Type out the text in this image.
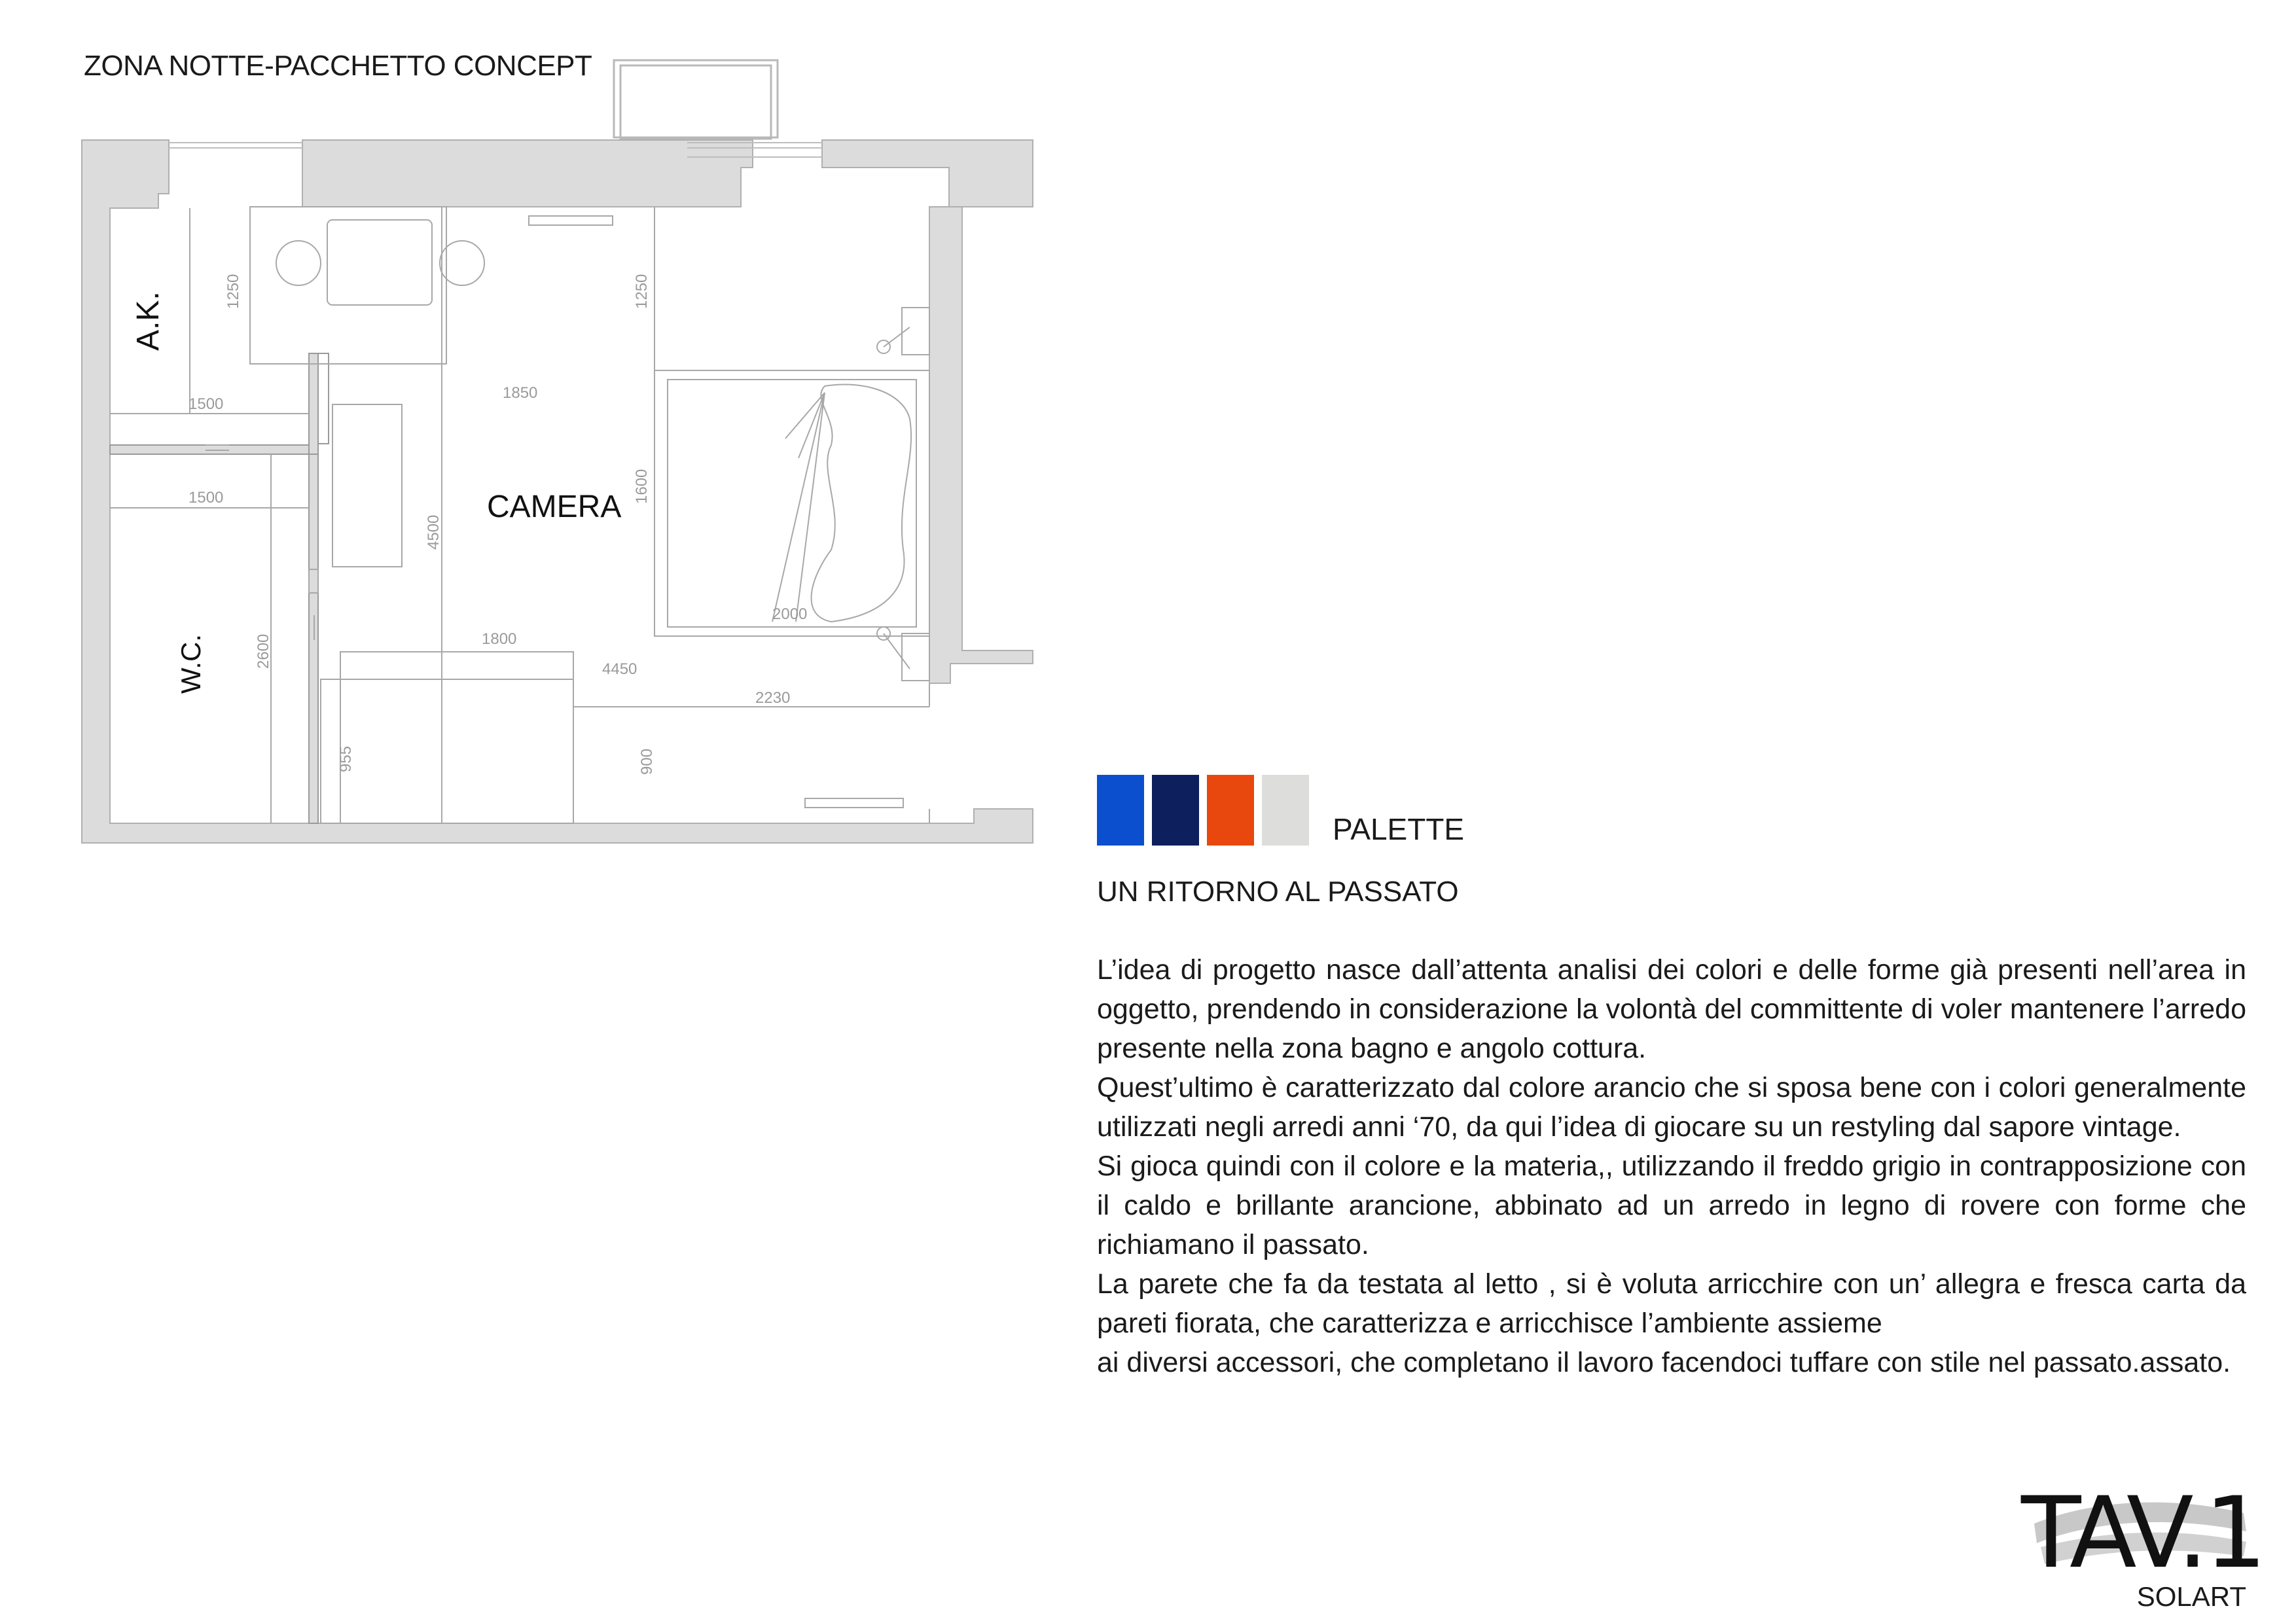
ZONA NOTTE-PACCHETTO CONCEPT
1250
1500
1500
2600
1250
1850
1600
2000
4500
1800
4450
2230
955	900
A.K.
CAMERA
W.C.
PALETTE
UN RITORNO AL PASSATO

L’idea di progetto nasce dall’attenta analisi dei colori e delle forme già presenti nell’area in oggetto, prendendo in considerazione la volontà del committente di voler mantenere l’arredo presente nella zona bagno e angolo cottura.

Quest’ultimo è caratterizzato dal colore arancio che si sposa bene con i colori generalmente utilizzati negli arredi anni ‘70, da qui l’idea di giocare su un restyling dal sapore vintage.

Si gioca quindi con il colore e la materia,, utilizzando il freddo grigio in contrapposizione con il caldo e brillante arancione, abbinato ad un arredo in legno di rovere con forme che richiamano il passato.

La parete che fa da testata al letto , si è voluta arricchire con un’ allegra e fresca carta da pareti fiorata, che caratterizza e arricchisce l’ambiente assieme

ai diversi accessori, che completano il lavoro facendoci tuffare con stile nel passato.assato.

TAV.1
SOLART
